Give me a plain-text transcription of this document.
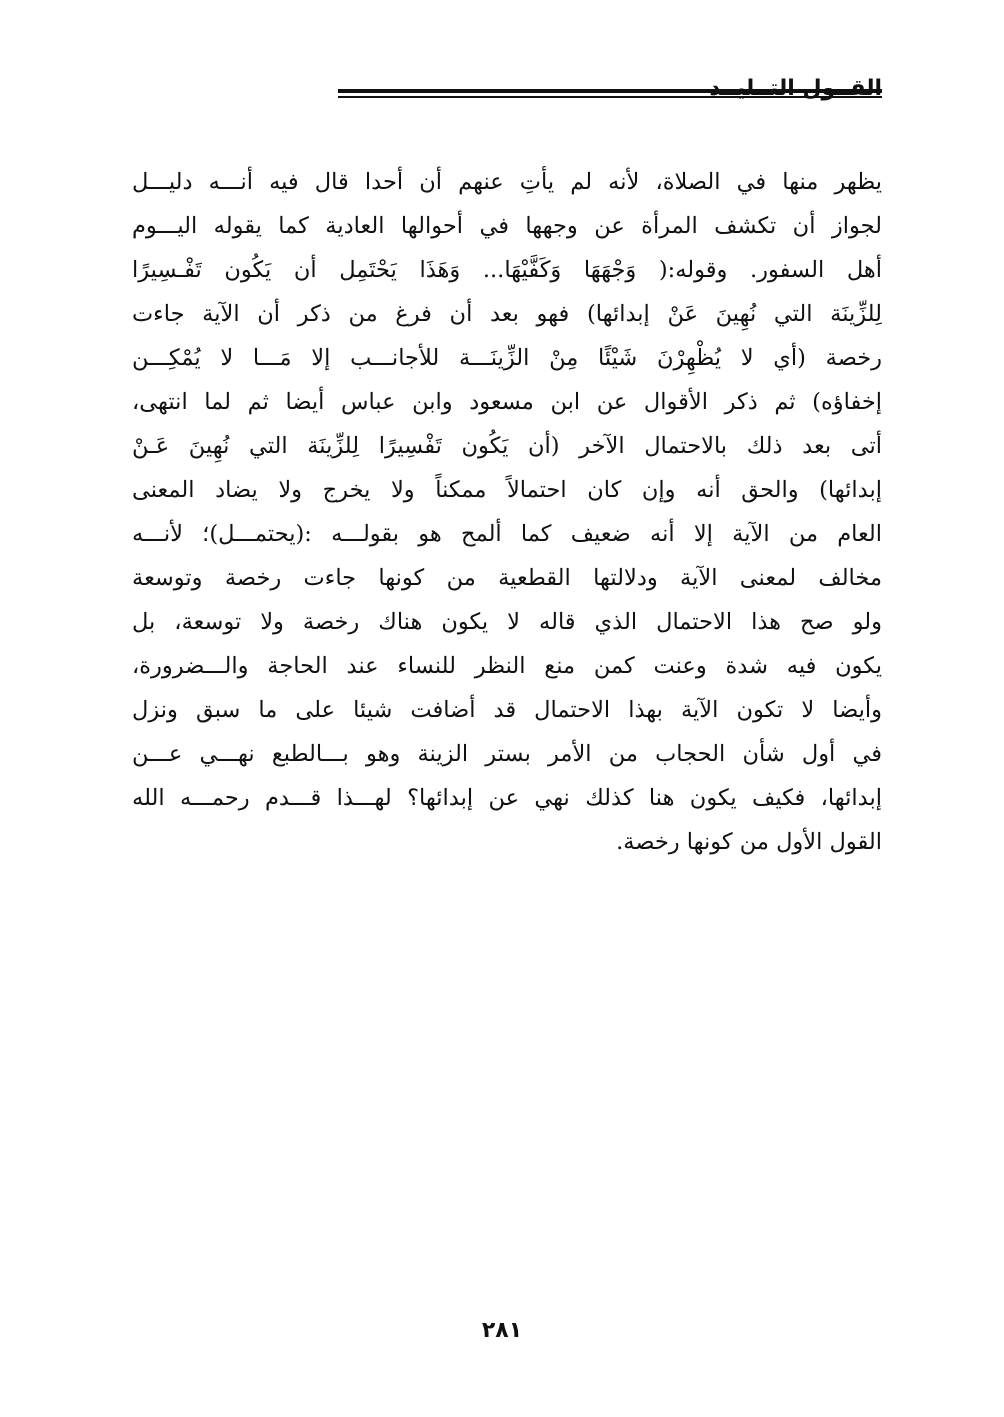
القــول التــليــد
يظهر منها في الصلاة، لأنه لم يأتِ عنهم أن أحدا قال فيه أنـــه دليـــل
لجواز أن تكشف المرأة عن وجهها في أحوالها العادية كما يقوله اليـــوم
أهل السفور. وقوله:( وَجْهَهَا وَكَفَّيْهَا... وَهَذَا يَحْتَمِل أن يَكُون تَفْـسِيرًا
لِلزِّينَة التي نُهِينَ عَنْ إبدائها) فهو بعد أن فرغ من ذكر أن الآية جاءت
رخصة (أي لا يُظْهِرْنَ شَيْئًا مِنْ الزِّينَـــة للأجانـــب إلا مَـــا لا يُمْكِـــن
إخفاؤه) ثم ذكر الأقوال عن ابن مسعود وابن عباس أيضا ثم لما انتهى،
أتى بعد ذلك بالاحتمال الآخر (أن يَكُون تَفْسِيرًا لِلزِّينَة التي نُهِينَ عَـنْ
إبدائها) والحق أنه وإن كان احتمالاً ممكناً ولا يخرج ولا يضاد المعنى
العام من الآية إلا أنه ضعيف كما ألمح هو بقولـــه :(يحتمـــل)؛ لأنـــه
مخالف لمعنى الآية ودلالتها القطعية من كونها جاءت رخصة وتوسعة
ولو صح هذا الاحتمال الذي قاله لا يكون هناك رخصة ولا توسعة، بل
يكون فيه شدة وعنت كمن منع النظر للنساء عند الحاجة والـــضرورة،
وأيضا لا تكون الآية بهذا الاحتمال قد أضافت شيئا على ما سبق ونزل
في أول شأن الحجاب من الأمر بستر الزينة وهو بـــالطبع نهـــي عـــن
إبدائها، فكيف يكون هنا كذلك نهي عن إبدائها؟ لهـــذا قـــدم رحمـــه الله
القول الأول من كونها رخصة.
٢٨١
